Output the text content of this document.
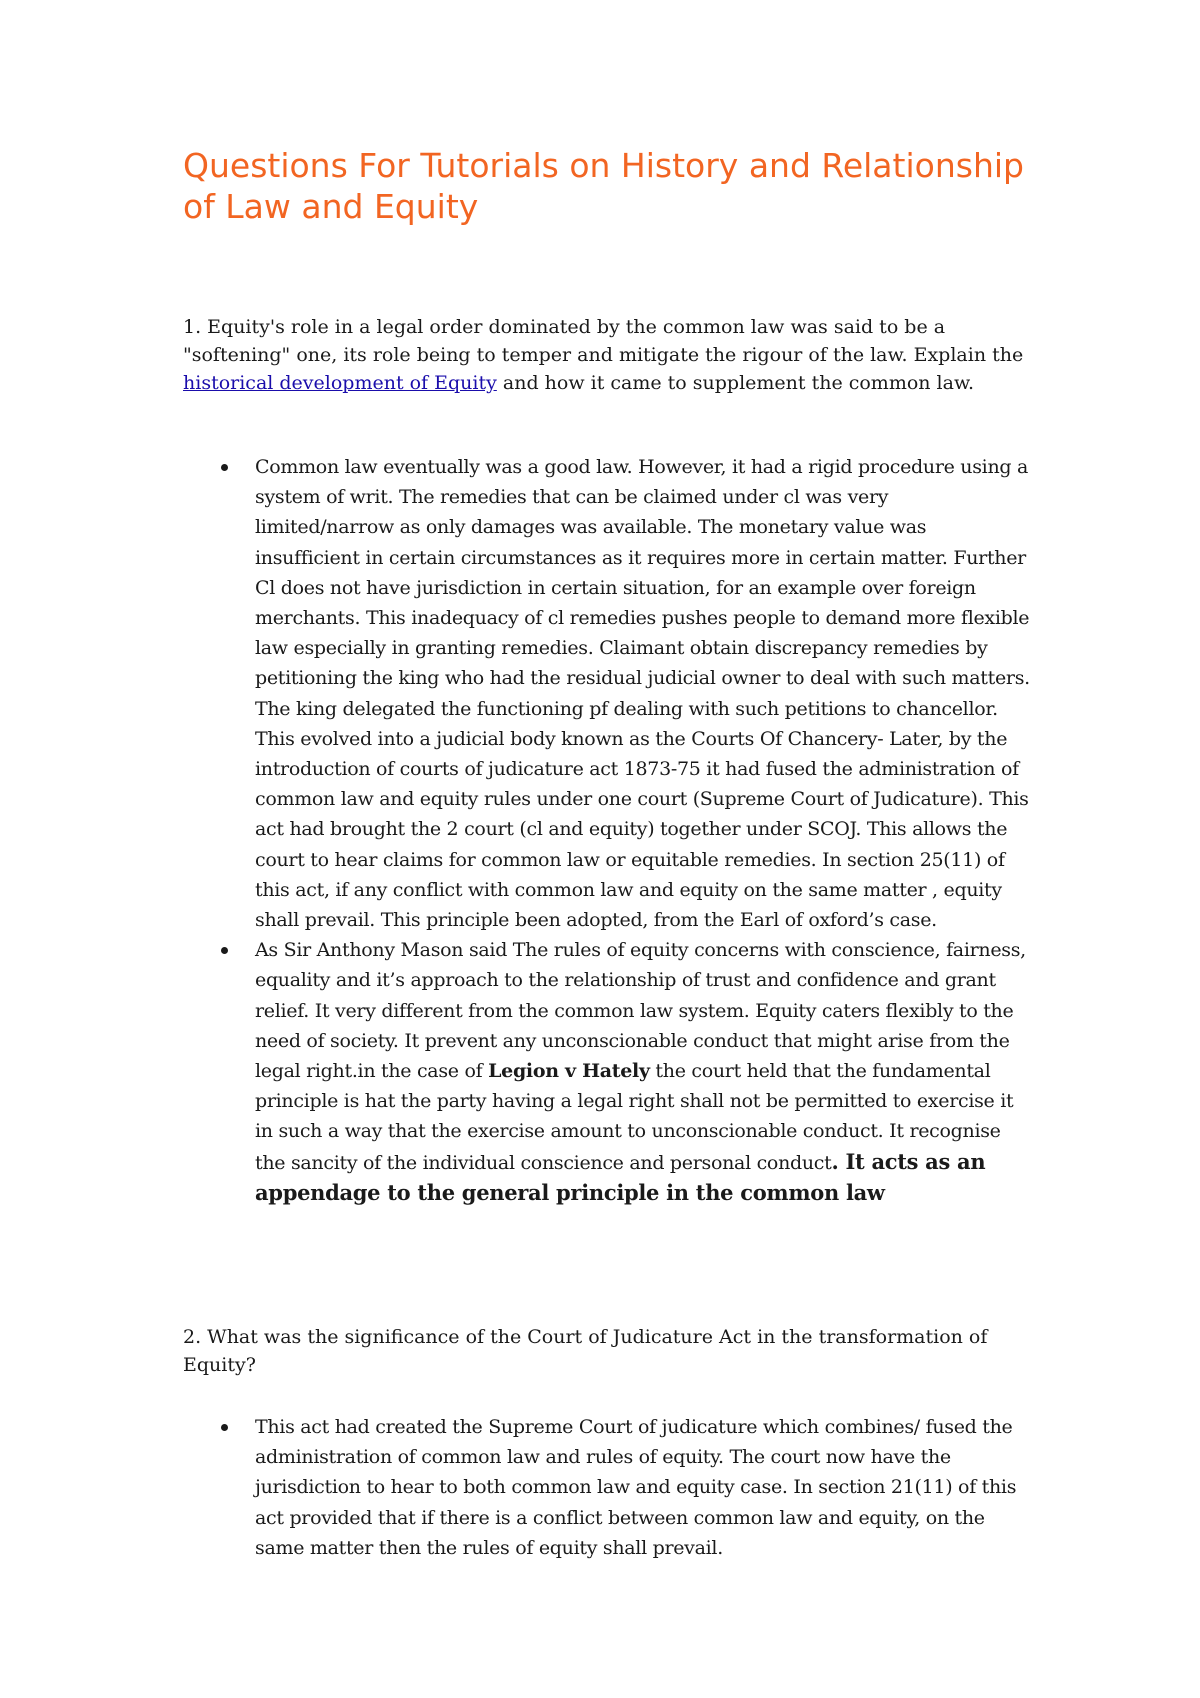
Questions For Tutorials on History and Relationship of Law and Equity

1. Equity's role in a legal order dominated by the common law was said to be a "softening" one, its role being to temper and mitigate the rigour of the law. Explain the historical development of Equity and how it came to supplement the common law.

Common law eventually was a good law. However, it had a rigid procedure using a system of writ. The remedies that can be claimed under cl was very limited/narrow as only damages was available. The monetary value was insufficient in certain circumstances as it requires more in certain matter. Further Cl does not have jurisdiction in certain situation, for an example over foreign merchants. This inadequacy of cl remedies pushes people to demand more flexible law especially in granting remedies. Claimant obtain discrepancy remedies by petitioning the king who had the residual judicial owner to deal with such matters. The king delegated the functioning pf dealing with such petitions to chancellor. This evolved into a judicial body known as the Courts Of Chancery- Later, by the introduction of courts of judicature act 1873-75 it had fused the administration of common law and equity rules under one court (Supreme Court of Judicature). This act had brought the 2 court (cl and equity) together under SCOJ. This allows the court to hear claims for common law or equitable remedies. In section 25(11) of this act, if any conflict with common law and equity on the same matter , equity shall prevail. This principle been adopted, from the Earl of oxford’s case.
As Sir Anthony Mason said The rules of equity concerns with conscience, fairness, equality and it’s approach to the relationship of trust and confidence and grant relief. It very different from the common law system. Equity caters flexibly to the need of society. It prevent any unconscionable conduct that might arise from the legal right.in the case of Legion v Hately the court held that the fundamental principle is hat the party having a legal right shall not be permitted to exercise it in such a way that the exercise amount to unconscionable conduct. It recognise the sancity of the individual conscience and personal conduct. It acts as an appendage to the general principle in the common law

2. What was the significance of the Court of Judicature Act in the transformation of Equity?

This act had created the Supreme Court of judicature which combines/ fused the administration of common law and rules of equity. The court now have the jurisdiction to hear to both common law and equity case. In section 21(11) of this act provided that if there is a conflict between common law and equity, on the same matter then the rules of equity shall prevail.
